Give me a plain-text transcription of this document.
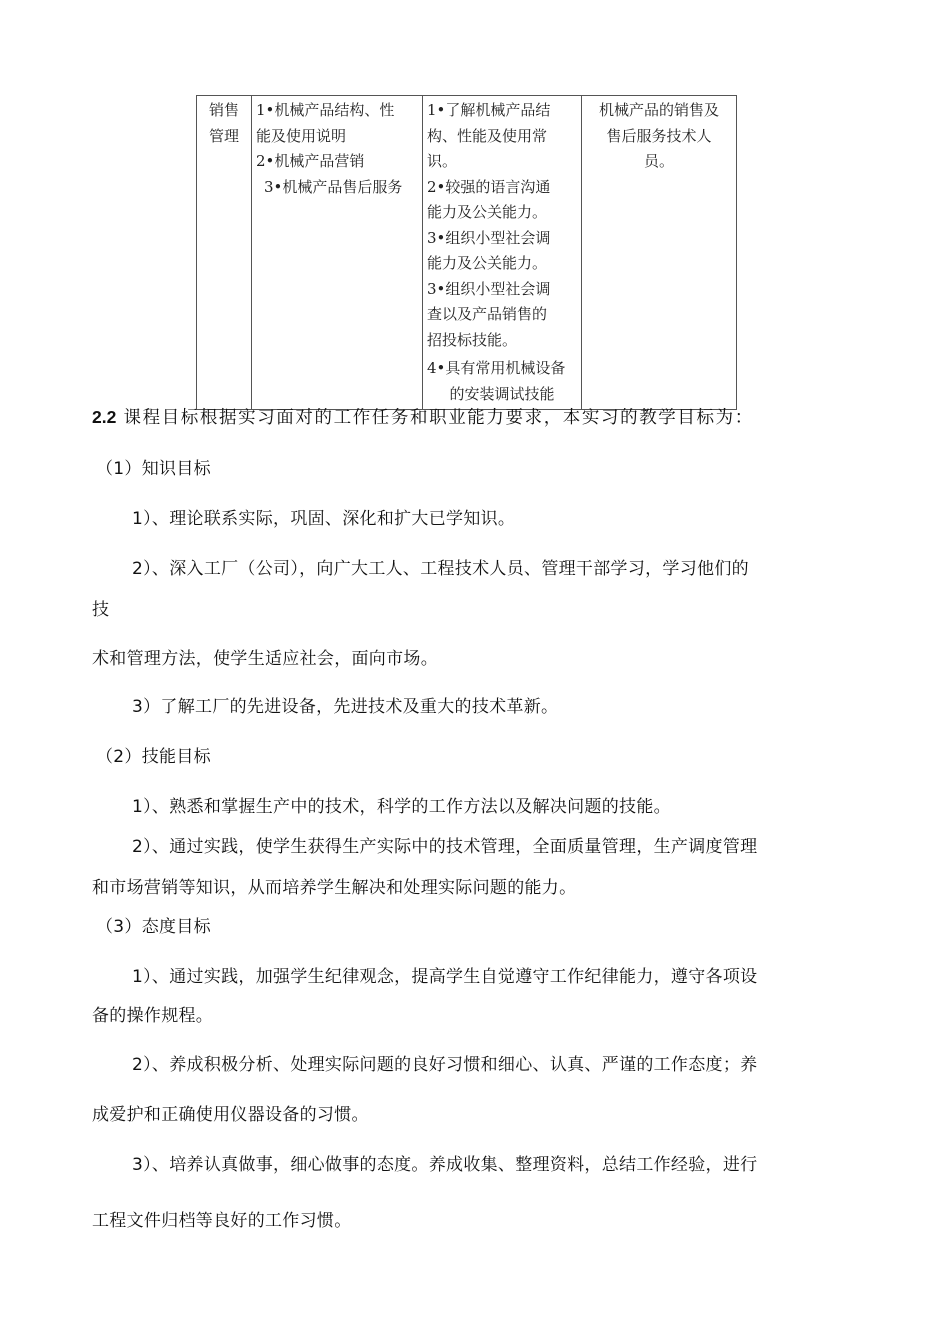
销售
管理

1•机械产品结构、性
能及使用说明
2•机械产品营销
3•机械产品售后服务

1•了解机械产品结
构、性能及使用常
识。
2•较强的语言沟通
能力及公关能力。
3•组织小型社会调
能力及公关能力。
3•组织小型社会调
查以及产品销售的
招投标技能。
4•具有常用机械设备
的安装调试技能

机械产品的销售及
售后服务技术人
员。
2.2 课程目标根据实习面对的工作任务和职业能力要求，本实习的教学目标为：
（1）知识目标
1）、理论联系实际，巩固、深化和扩大已学知识。
2）、深入工厂（公司），向广大工人、工程技术人员、管理干部学习，学习他们的
技
术和管理方法，使学生适应社会，面向市场。
3）了解工厂的先进设备，先进技术及重大的技术革新。
（2）技能目标
1）、熟悉和掌握生产中的技术，科学的工作方法以及解决问题的技能。
2）、通过实践，使学生获得生产实际中的技术管理，全面质量管理，生产调度管理
和市场营销等知识，从而培养学生解决和处理实际问题的能力。
（3）态度目标
1）、通过实践，加强学生纪律观念，提高学生自觉遵守工作纪律能力，遵守各项设
备的操作规程。
2）、养成积极分析、处理实际问题的良好习惯和细心、认真、严谨的工作态度；养
成爱护和正确使用仪器设备的习惯。
3）、培养认真做事，细心做事的态度。养成收集、整理资料，总结工作经验，进行
工程文件归档等良好的工作习惯。
